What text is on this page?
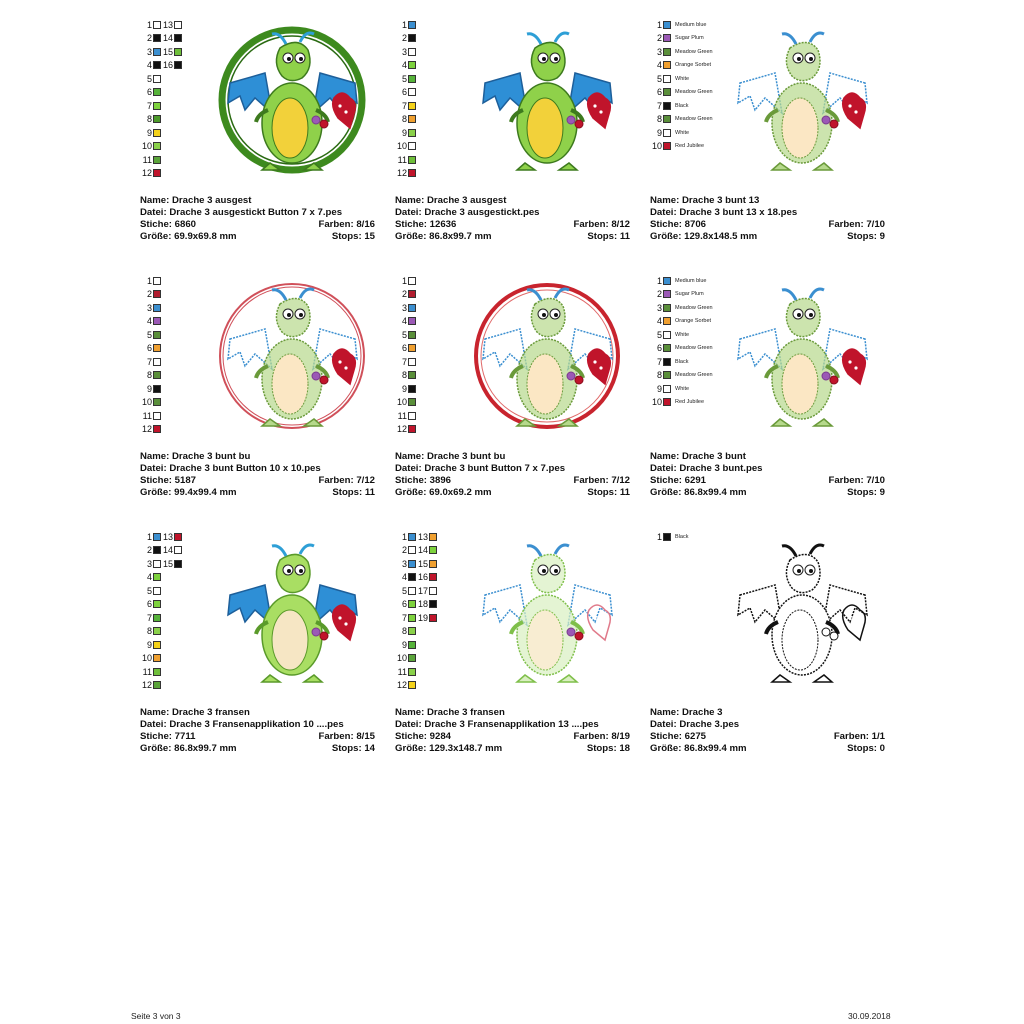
1
2
3
4
5
6
7
8
9
10
11
12
13
14
15
16
Name: Drache 3 ausgest
Datei: Drache 3 ausgestickt Button 7 x 7.pes
Stiche: 6860	Farben: 8/16
Größe: 69.9x69.8 mm	Stops: 15
1
2
3
4
5
6
7
8
9
10
11
12
Name: Drache 3 ausgest
Datei: Drache 3 ausgestickt.pes
Stiche: 12636	Farben: 8/12
Größe: 86.8x99.7 mm	Stops: 11
1 Medium blue
2 Sugar Plum
3 Meadow Green
4 Orange Sorbet
5 White
6 Meadow Green
7 Black
8 Meadow Green
9 White
10 Red Jubilee
Name: Drache 3 bunt 13
Datei: Drache 3 bunt 13 x 18.pes
Stiche: 8706	Farben: 7/10
Größe: 129.8x148.5 mm	Stops: 9
1
2
3
4
5
6
7
8
9
10
11
12
Name: Drache 3 bunt bu
Datei: Drache 3 bunt Button 10 x 10.pes
Stiche: 5187	Farben: 7/12
Größe: 99.4x99.4 mm	Stops: 11
1
2
3
4
5
6
7
8
9
10
11
12
Name: Drache 3 bunt bu
Datei: Drache 3 bunt Button 7 x 7.pes
Stiche: 3896	Farben: 7/12
Größe: 69.0x69.2 mm	Stops: 11
1 Medium blue
2 Sugar Plum
3 Meadow Green
4 Orange Sorbet
5 White
6 Meadow Green
7 Black
8 Meadow Green
9 White
10 Red Jubilee
Name: Drache 3 bunt
Datei: Drache 3 bunt.pes
Stiche: 6291	Farben: 7/10
Größe: 86.8x99.4 mm	Stops: 9
1
2
3
4
5
6
7
8
9
10
11
12
13
14
15
Name: Drache 3 fransen
Datei: Drache 3 Fransenapplikation 10 ....pes
Stiche: 7711	Farben: 8/15
Größe: 86.8x99.7 mm	Stops: 14
1
2
3
4
5
6
7
8
9
10
11
12
13
14
15
16
17
18
19
Name: Drache 3 fransen
Datei: Drache 3 Fransenapplikation 13 ....pes
Stiche: 9284	Farben: 8/19
Größe: 129.3x148.7 mm	Stops: 18
1 Black
Name: Drache 3
Datei: Drache 3.pes
Stiche: 6275	Farben: 1/1
Größe: 86.8x99.4 mm	Stops: 0
Seite 3 von 3	30.09.2018
